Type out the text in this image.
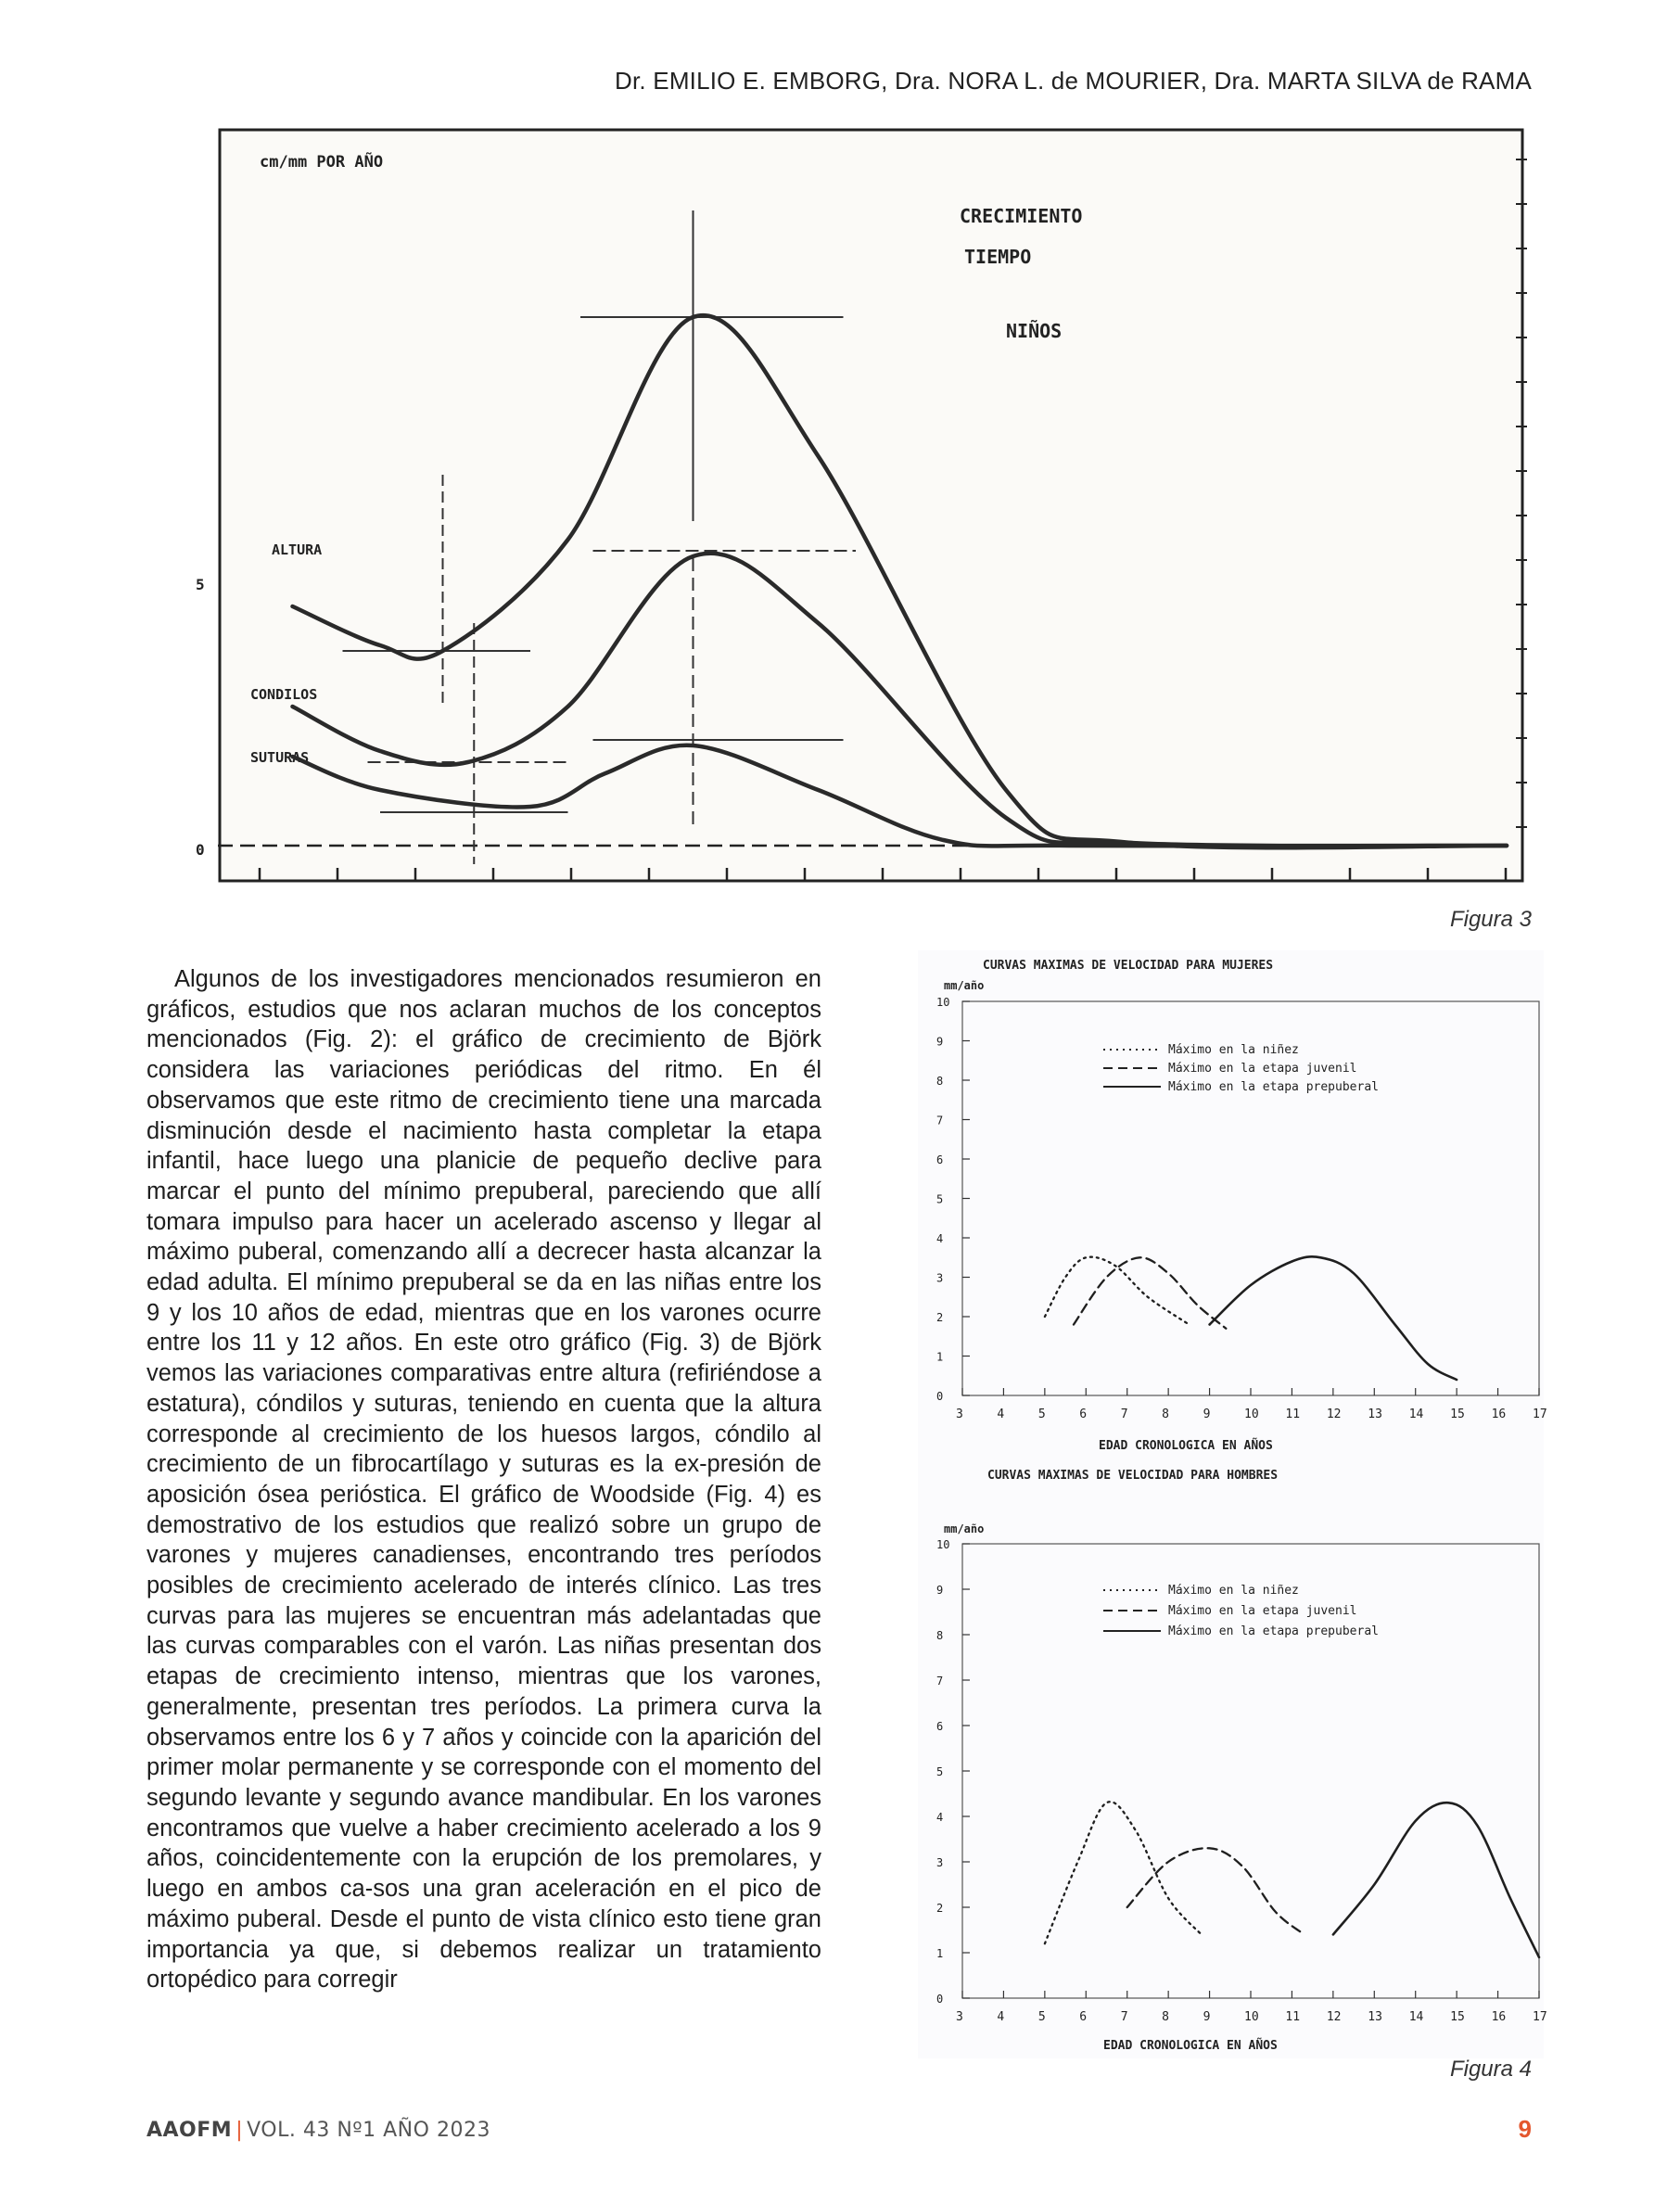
Dr. EMILIO E. EMBORG, Dra. NORA L. de MOURIER, Dra. MARTA SILVA de RAMA
cm/mm POR AÑO
CRECIMIENTO
TIEMPO
NIÑOS
5
0
ALTURA
CONDILOS
SUTURAS
Figura 3

Algunos de los investigadores mencionados resumieron en gráficos, estudios que nos aclaran muchos de los conceptos mencionados (Fig. 2): el gráfico de crecimiento de Björk considera las variaciones periódicas del ritmo. En él observamos que este ritmo de crecimiento tiene una marcada disminución desde el nacimiento hasta completar la etapa infantil, hace luego una planicie de pequeño declive para marcar el punto del mínimo prepuberal, pareciendo que allí tomara impulso para hacer un acelerado ascenso y llegar al máximo puberal, comenzando allí a decrecer hasta alcanzar la edad adulta. El mínimo prepuberal se da en las niñas entre los 9 y los 10 años de edad, mientras que en los varones ocurre entre los 11 y 12 años. En este otro gráfico (Fig. 3) de Björk vemos las variaciones comparativas entre altura (refiriéndose a estatura), cóndilos y suturas, teniendo en cuenta que la altura corresponde al crecimiento de los huesos largos, cóndilo al crecimiento de un fibrocartílago y suturas es la ex-presión de aposición ósea perióstica. El gráfico de Woodside (Fig. 4) es demostrativo de los estudios que realizó sobre un grupo de varones y mujeres canadienses, encontrando tres períodos posibles de crecimiento acelerado de interés clínico. Las tres curvas para las mujeres se encuentran más adelantadas que las curvas comparables con el varón. Las niñas presentan dos etapas de crecimiento intenso, mientras que los varones, generalmente, presentan tres períodos. La primera curva la observamos entre los 6 y 7 años y coincide con la aparición del primer molar permanente y se corresponde con el momento del segundo levante y segundo avance mandibular. En los varones encontramos que vuelve a haber crecimiento acelerado a los 9 años, coincidentemente con la erupción de los premolares, y luego en ambos ca-sos una gran aceleración en el pico de máximo puberal. Desde el punto de vista clínico esto tiene gran importancia ya que, si debemos realizar un tratamiento ortopédico para corregir

CURVAS MAXIMAS DE VELOCIDAD PARA MUJERES
mm/año
Máximo en la niñez
Máximo en la etapa juvenil
Máximo en la etapa prepuberal
EDAD CRONOLOGICA EN AÑOS
CURVAS MAXIMAS DE VELOCIDAD PARA HOMBRES
mm/año
Máximo en la niñez
Máximo en la etapa juvenil
Máximo en la etapa prepuberal
EDAD CRONOLOGICA EN AÑOS
0
1
2
3
4
5
6
7
8
9
10
3	4	5	6	7	8	9	10 11 12 13 14 15 16 17
0
1
2
3
4
5
6
7
8
9
10
3	4	5	6	7	8	9	10 11 12 13 14 15 16 17
Figura 4
AAOFM | VOL. 43 Nº1 AÑO 2023	9
